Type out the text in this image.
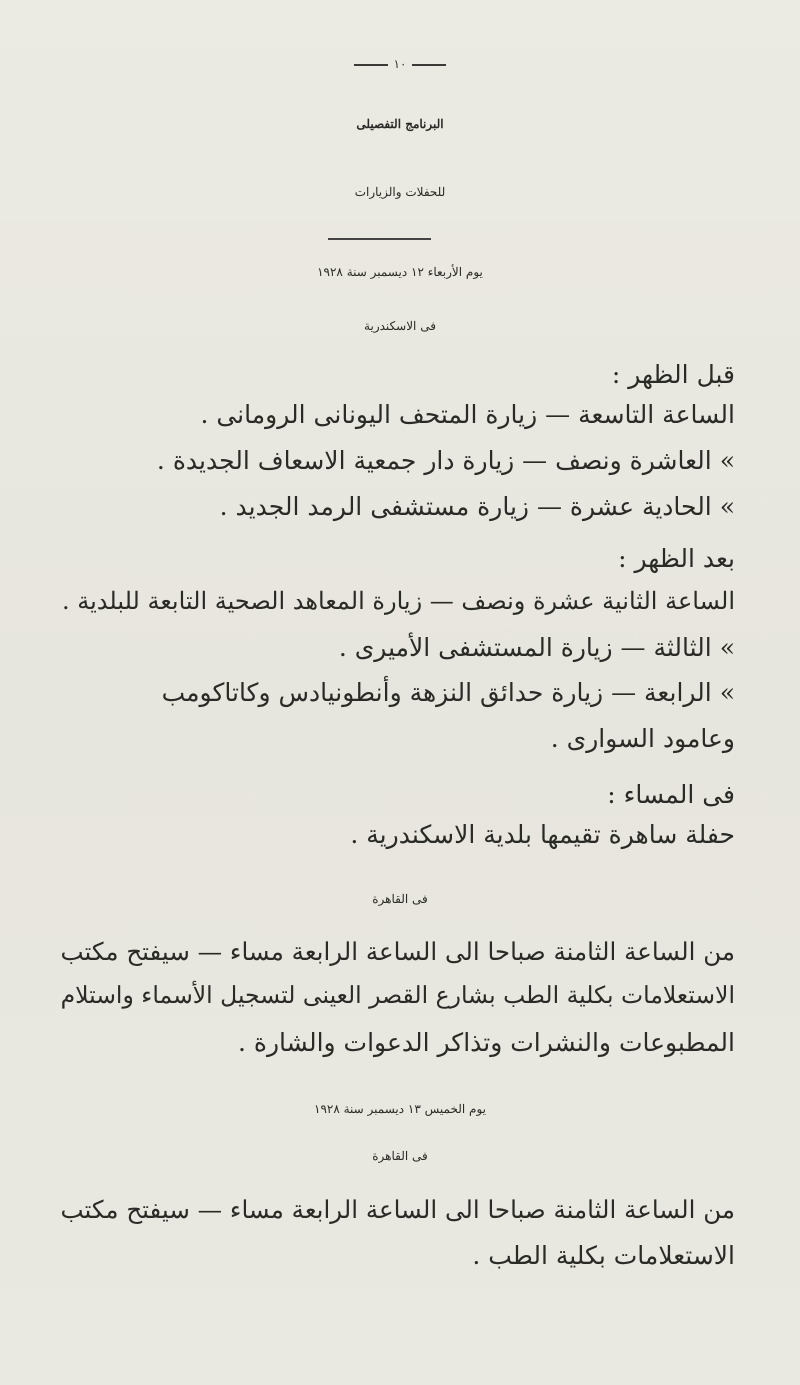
١٠
البرنامج التفصيلى
للحفلات والزيارات
يوم الأربعاء ١٢ ديسمبر سنة ١٩٢٨
فى الاسكندرية
قبل الظهر :
الساعة التاسعة — زيارة المتحف اليونانى الرومانى .
» العاشرة ونصف — زيارة دار جمعية الاسعاف الجديدة .
» الحادية عشرة — زيارة مستشفى الرمد الجديد .
بعد الظهر :
الساعة الثانية عشرة ونصف — زيارة المعاهد الصحية التابعة للبلدية .
» الثالثة — زيارة المستشفى الأميرى .
» الرابعة — زيارة حدائق النزهة وأنطونيادس وكاتاكومب
وعامود السوارى .
فى المساء :
حفلة ساهرة تقيمها بلدية الاسكندرية .
فى القاهرة
من الساعة الثامنة صباحا الى الساعة الرابعة مساء — سيفتح مكتب
الاستعلامات بكلية الطب بشارع القصر العينى لتسجيل الأسماء واستلام
المطبوعات والنشرات وتذاكر الدعوات والشارة .
يوم الخميس ١٣ ديسمبر سنة ١٩٢٨
فى القاهرة
من الساعة الثامنة صباحا الى الساعة الرابعة مساء — سيفتح مكتب
الاستعلامات بكلية الطب .
